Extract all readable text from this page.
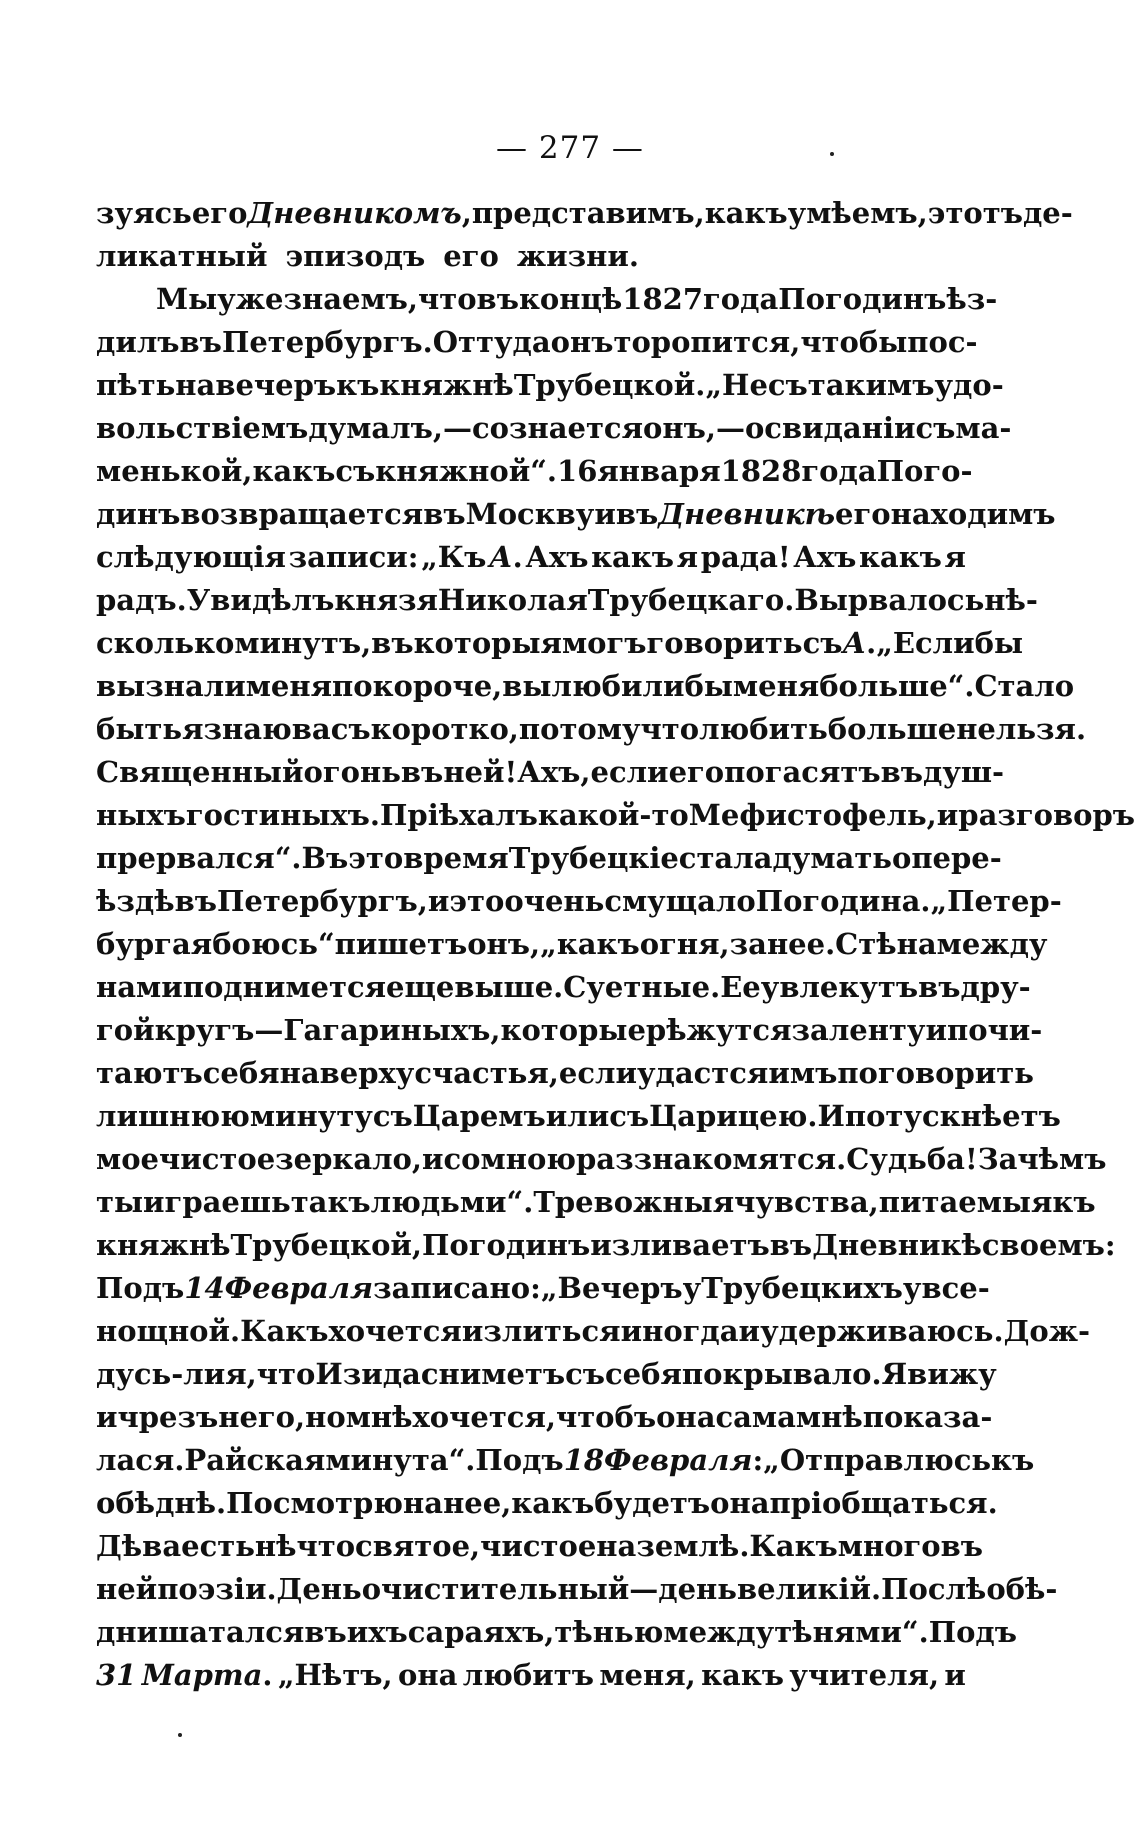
— 277 —
зуясь его Дневникомъ, представимъ, какъ умѣемъ, этотъ де-
ликатный эпизодъ его жизни.
Мы уже знаемъ, что въ концѣ 1827 года Погодинъ ѣз-
дилъ въ Петербургъ. Оттуда онъ торопится, чтобы пос-
пѣть на вечеръ къ княжнѣ Трубецкой. „Не съ такимъ удо-
вольствіемъ думалъ, — сознается онъ, — о свиданіи съ ма-
менькой, какъ съ княжной“. 16 января 1828 года Пого-
динъ возвращается въ Москву и въ Дневникѣ его находимъ
слѣдующія записи: „Къ А. Ахъ какъ я рада! Ахъ какъ я
радъ. Увидѣлъ князя Николая Трубецкаго. Вырвалось нѣ-
сколько минутъ, въ которыя могъ говорить съ А. „Еслибы
вы знали меня покороче, вы любили бы меня больше“. Стало
быть я знаю васъ коротко, потому что любить больше нельзя.
Священный огонь въ ней! Ахъ, если его погасятъ въ душ-
ныхъ гостиныхъ. Пріѣхалъ какой-то Мефистофель, и разговоръ
прервался“. Въ это время Трубецкіе стала думать о пере-
ѣздѣ въ Петербургъ, и это очень смущало Погодина. „Петер-
бурга я боюсь“ пишетъ онъ, „какъ огня, за нее. Стѣна между
нами поднимется еще выше. Суетные. Ее увлекутъ въ дру-
гой кругъ—Гагариныхъ, которые рѣжутся за ленту и почи-
таютъ себя на верху счастья, если удастся имъ поговорить
лишнюю минуту съ Царемъ или съ Царицею. И потускнѣетъ
мое чистое зеркало, и со мною раззнакомятся. Судьба! Зачѣмъ
ты играешь такъ людьми“. Тревожныя чувства, питаемыя къ
княжнѣ Трубецкой, Погодинъ изливаетъ въ Дневникѣ своемъ:
Подъ 14 Февраля записано: „Вечеръ у Трубецкихъ у все-
нощной. Какъ хочется излиться иногда и удерживаюсь. Дож-
дусь-ли я, что Изида сниметъ съ себя покрывало. Я вижу
и чрезъ него, но мнѣ хочется, чтобъ она сама мнѣ показа-
лася. Райская минута“. Подъ 18 Февраля: „Отправлюсь къ
обѣднѣ. Посмотрю на нее, какъ будетъ она пріобщаться.
Дѣва есть нѣчто святое, чистое на землѣ. Какъ много въ
ней поэзіи. День очистительный—день великій. Послѣ обѣ-
дни шатался въ ихъ сараяхъ, тѣнью между тѣнями“. Подъ
31 Марта. „Нѣтъ, она любитъ меня, какъ учителя, и
